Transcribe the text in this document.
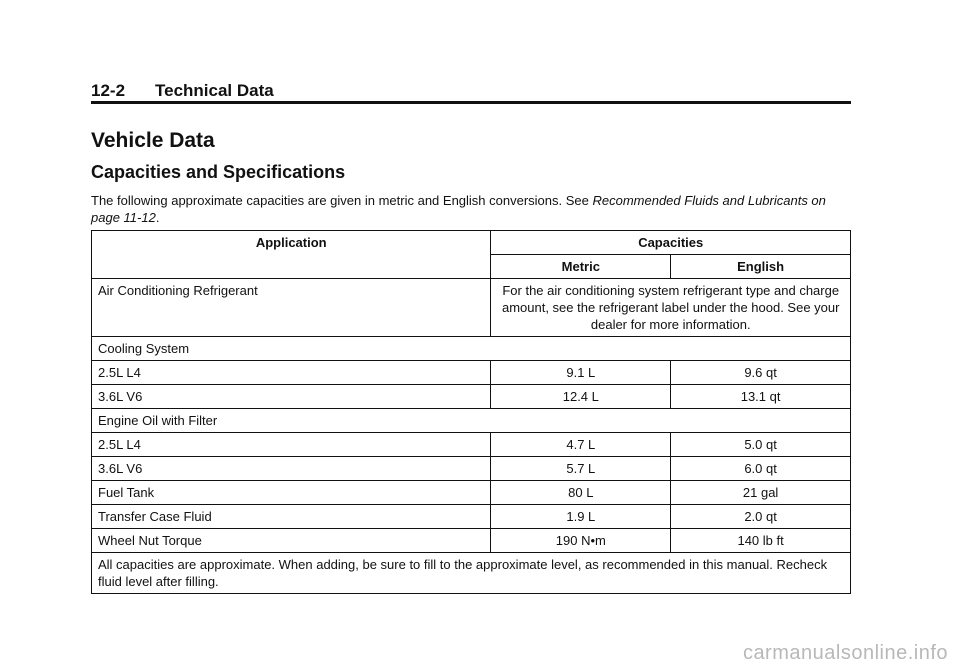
12-2 Technical Data
Vehicle Data
Capacities and Specifications

The following approximate capacities are given in metric and English conversions. See Recommended Fluids and Lubricants on page 11-12.

Application	Capacities	
	Metric	English
Air Conditioning Refrigerant	For the air conditioning system refrigerant type and charge amount, see the refrigerant label under the hood. See your dealer for more information.	
Cooling System		
2.5L L4	9.1 L	9.6 qt
3.6L V6	12.4 L	13.1 qt
Engine Oil with Filter		
2.5L L4	4.7 L	5.0 qt
3.6L V6	5.7 L	6.0 qt
Fuel Tank	80 L	21 gal
Transfer Case Fluid	1.9 L	2.0 qt
Wheel Nut Torque	190 N•m	140 lb ft
All capacities are approximate. When adding, be sure to fill to the approximate level, as recommended in this manual. Recheck fluid level after filling.		
carmanualsonline.info
